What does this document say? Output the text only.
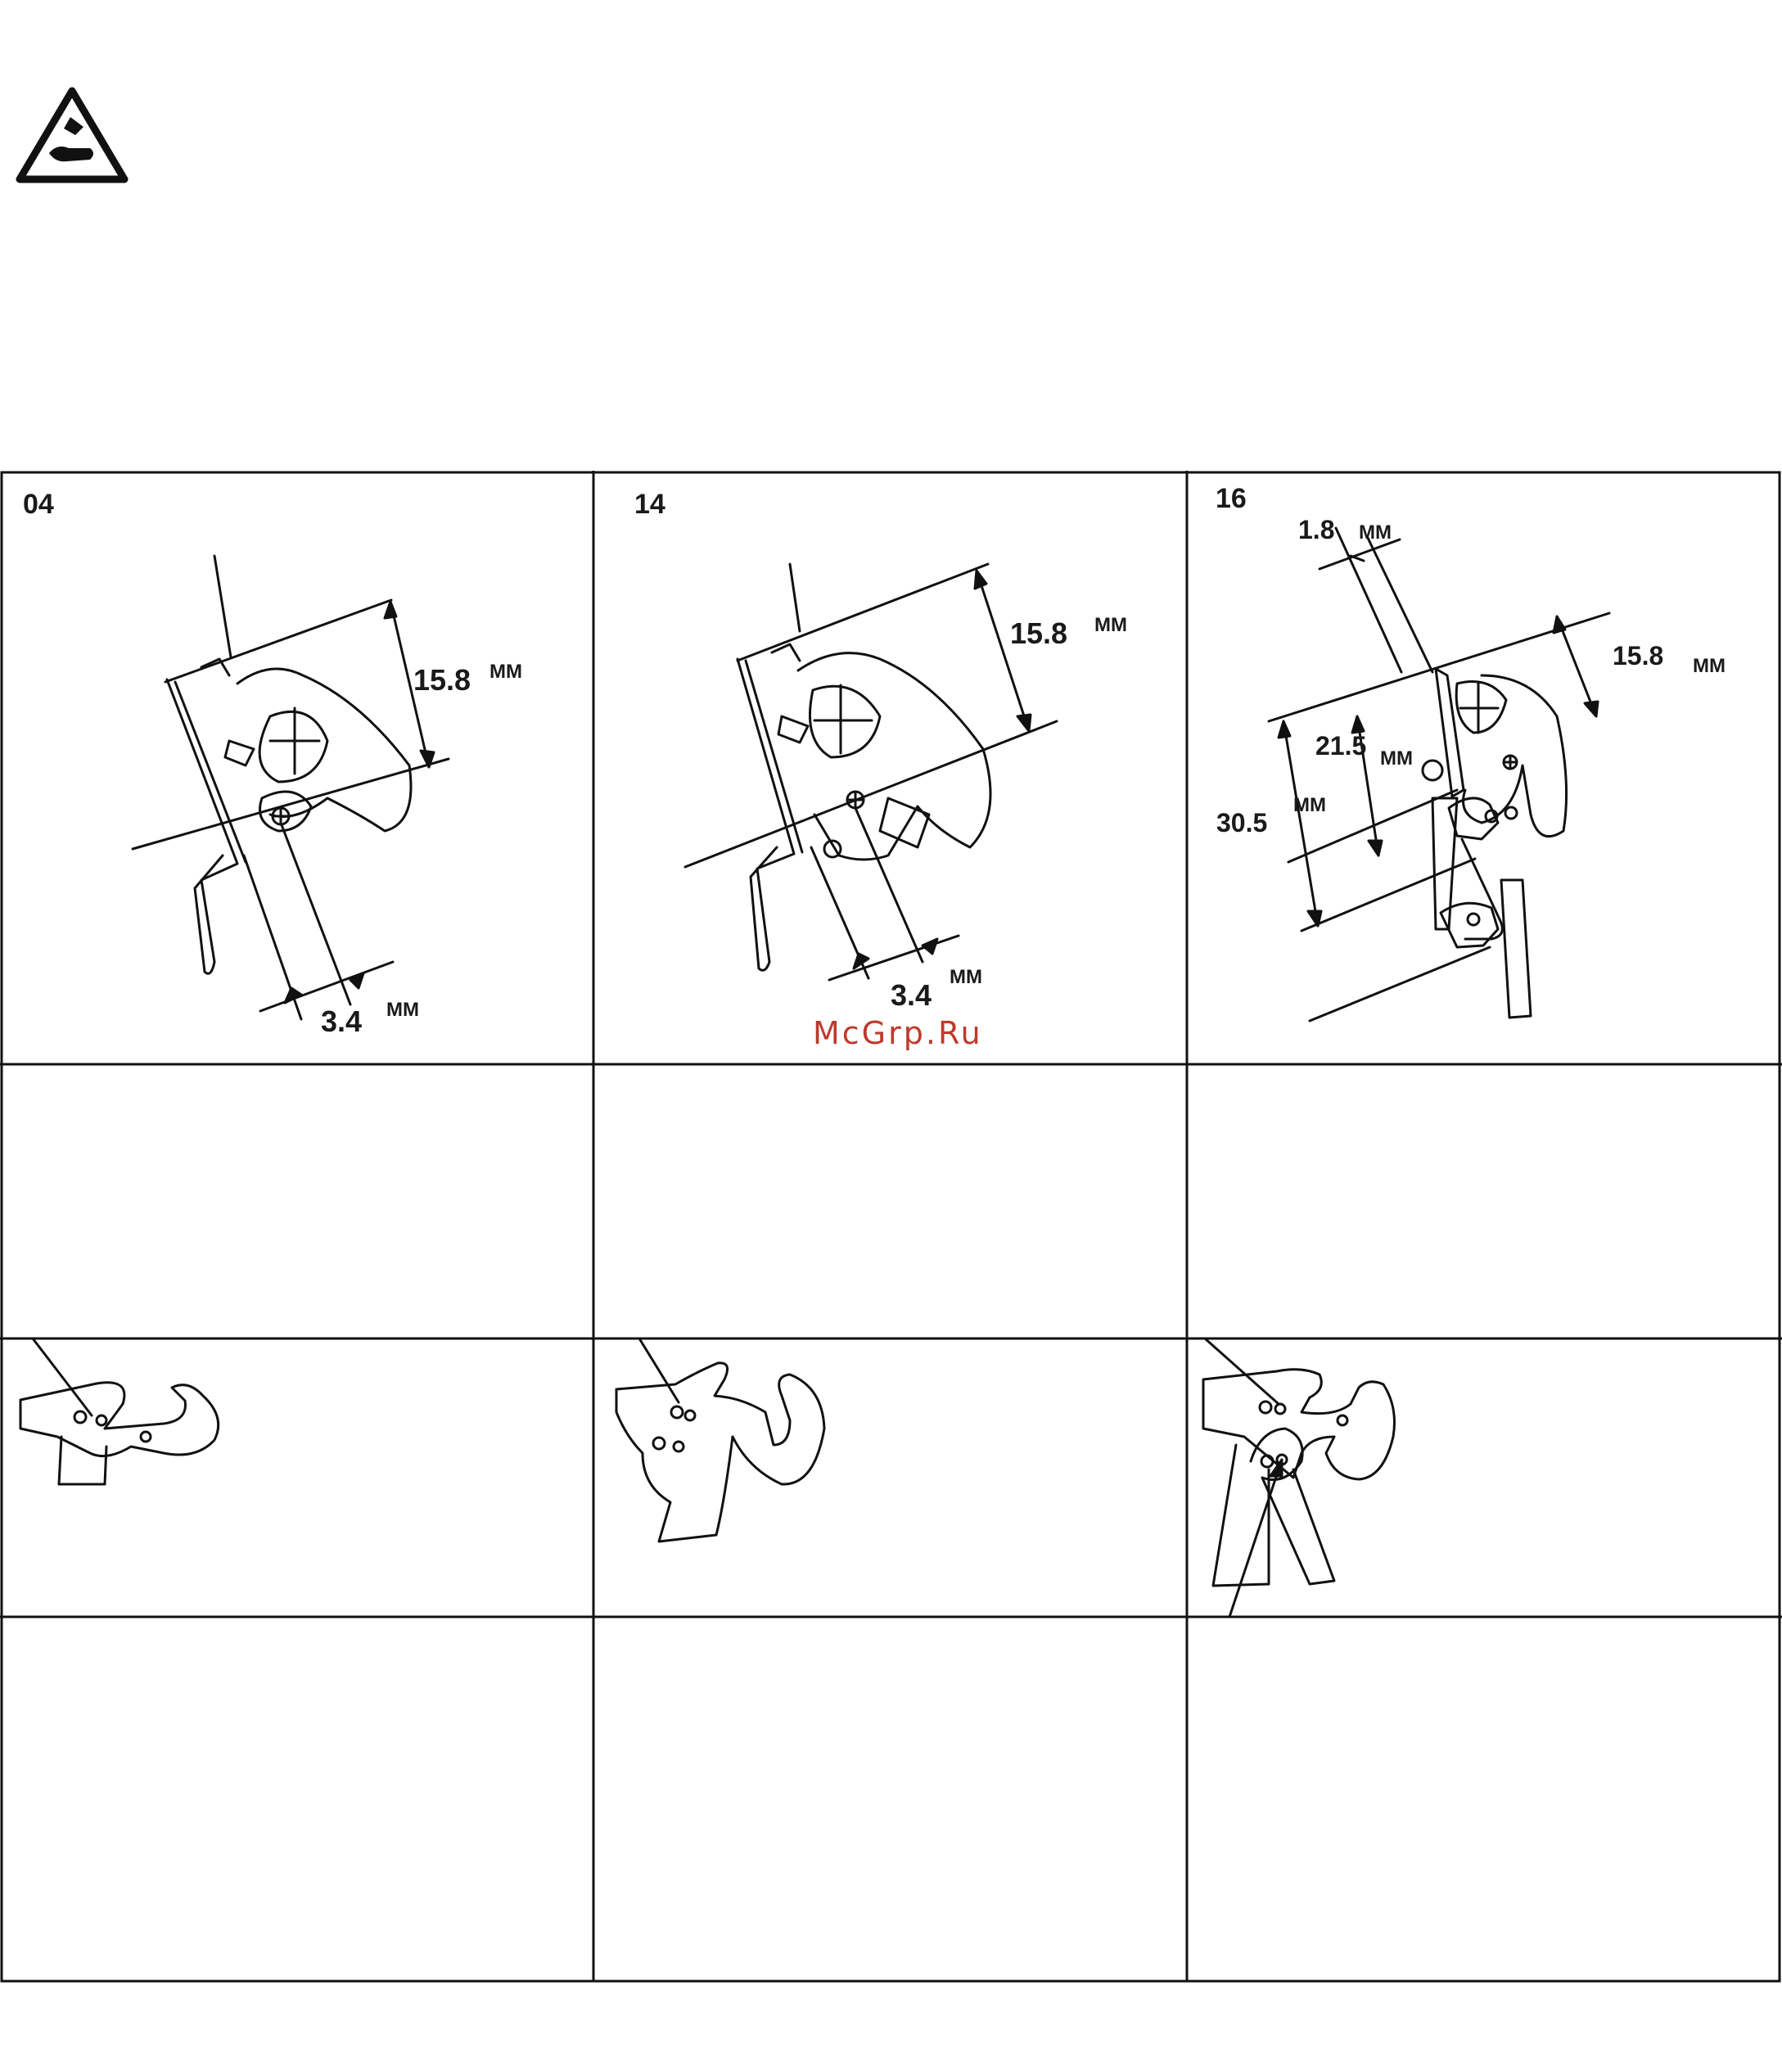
04
15.8 MM
3.4 MM
14
15.8 MM
3.4
MM
16
1.8 MM
15.8 MM
21.5 MM
30.5
MM
McGrp.Ru
